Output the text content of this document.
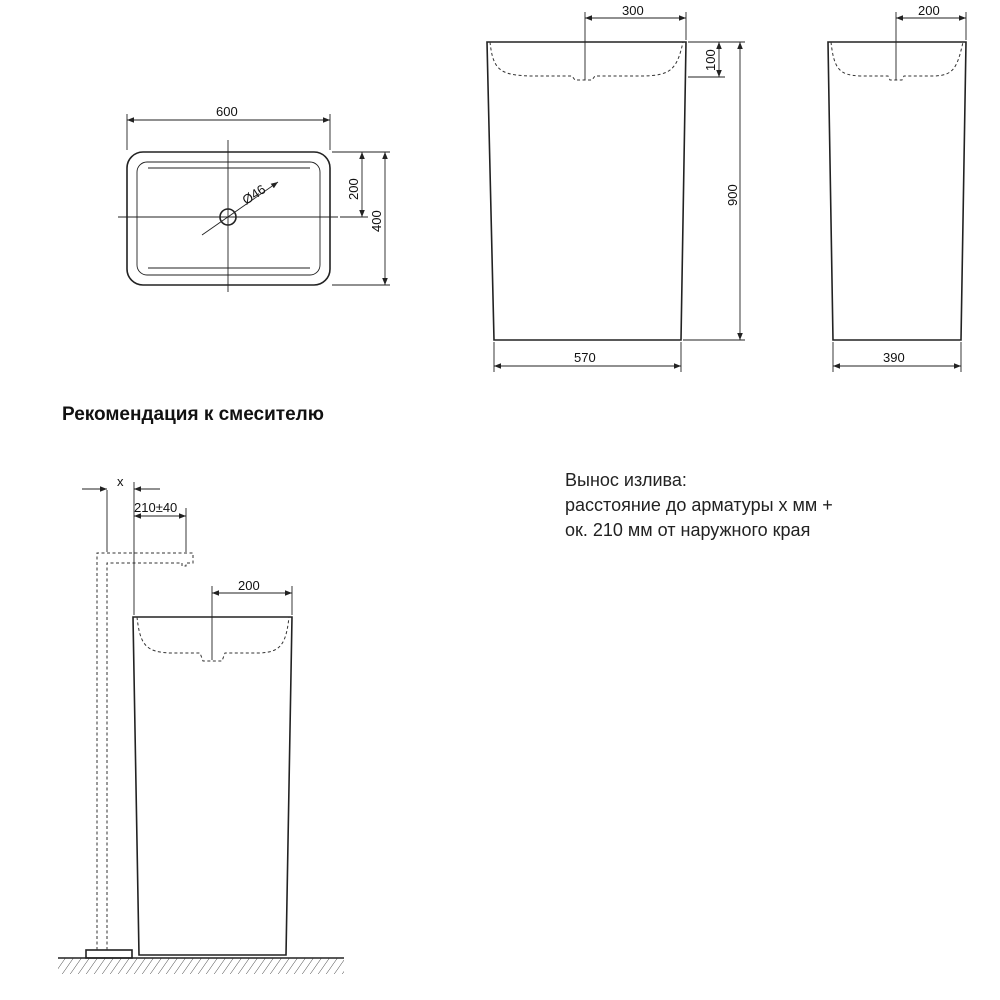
Ø46
600
200
400
300
100
900
570
200
390
x
210±40
200
Рекомендация к смесителю
Вынос излива:
расстояние до арматуры х мм +
ок. 210 мм от наружного края
